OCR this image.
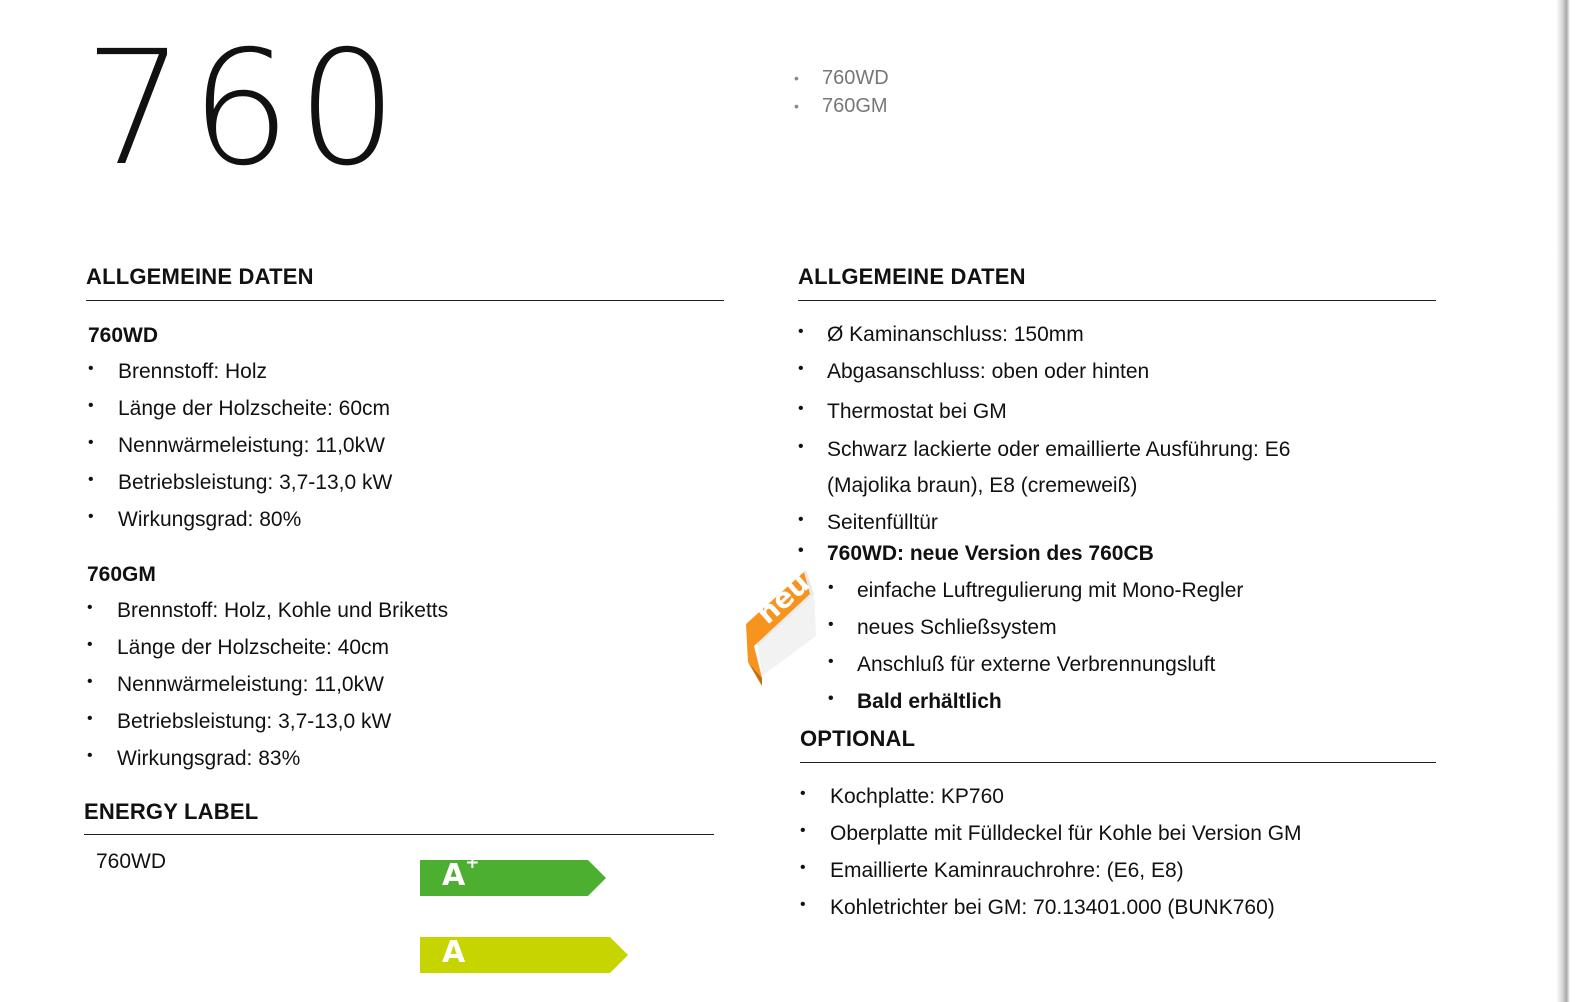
760
•	760WD
• 760GM
ALLGEMEINE DATEN
760WD
• Brennstoff: Holz
• Länge der Holzscheite: 60cm
• Nennwärmeleistung: 11,0kW
• Betriebsleistung: 3,7-13,0 kW
• Wirkungsgrad: 80%
760GM
• Brennstoff: Holz, Kohle und Briketts
• Länge der Holzscheite: 40cm
• Nennwärmeleistung: 11,0kW
• Betriebsleistung: 3,7-13,0 kW
• Wirkungsgrad: 83%
ENERGY LABEL
760WD	A+
A
ALLGEMEINE DATEN
• Ø Kaminanschluss: 150mm
• Abgasanschluss: oben oder hinten
• Thermostat bei GM
• Schwarz lackierte oder emaillierte Ausführung: E6
(Majolika braun), E8 (cremeweiß)
• Seitenfülltür
• 760WD: neue Version des 760CB
• einfache Luftregulierung mit Mono-Regler
• neues Schließsystem
• Anschluß für externe Verbrennungsluft
• Bald erhältlich
neu
OPTIONAL
• Kochplatte: KP760
• Oberplatte mit Fülldeckel für Kohle bei Version GM
• Emaillierte Kaminrauchrohre: (E6, E8)
• Kohletrichter bei GM: 70.13401.000 (BUNK760)
